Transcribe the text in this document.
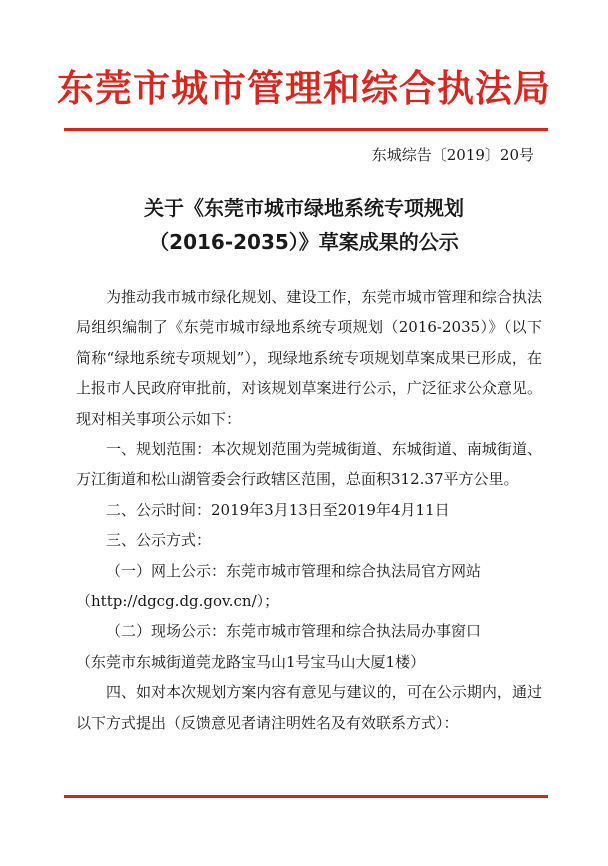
东莞市城市管理和综合执法局
东城综告〔2019〕20号
关于《东莞市城市绿地系统专项规划
（2016-2035）》草案成果的公示

为推动我市城市绿化规划、建设工作，东莞市城市管理和综合执法局组织编制了《东莞市城市绿地系统专项规划（2016-2035）》（以下简称“绿地系统专项规划”），现绿地系统专项规划草案成果已形成，在上报市人民政府审批前，对该规划草案进行公示，广泛征求公众意见。现对相关事项公示如下：

一、规划范围：本次规划范围为莞城街道、东城街道、南城街道、万江街道和松山湖管委会行政辖区范围，总面积312.37平方公里。

二、公示时间：2019年3月13日至2019年4月11日

三、公示方式：

（一）网上公示：东莞市城市管理和综合执法局官方网站

（http://dgcg.dg.gov.cn/）；

（二）现场公示：东莞市城市管理和综合执法局办事窗口

（东莞市东城街道莞龙路宝马山1号宝马山大厦1楼）

四、如对本次规划方案内容有意见与建议的，可在公示期内，通过以下方式提出（反馈意见者请注明姓名及有效联系方式）：
